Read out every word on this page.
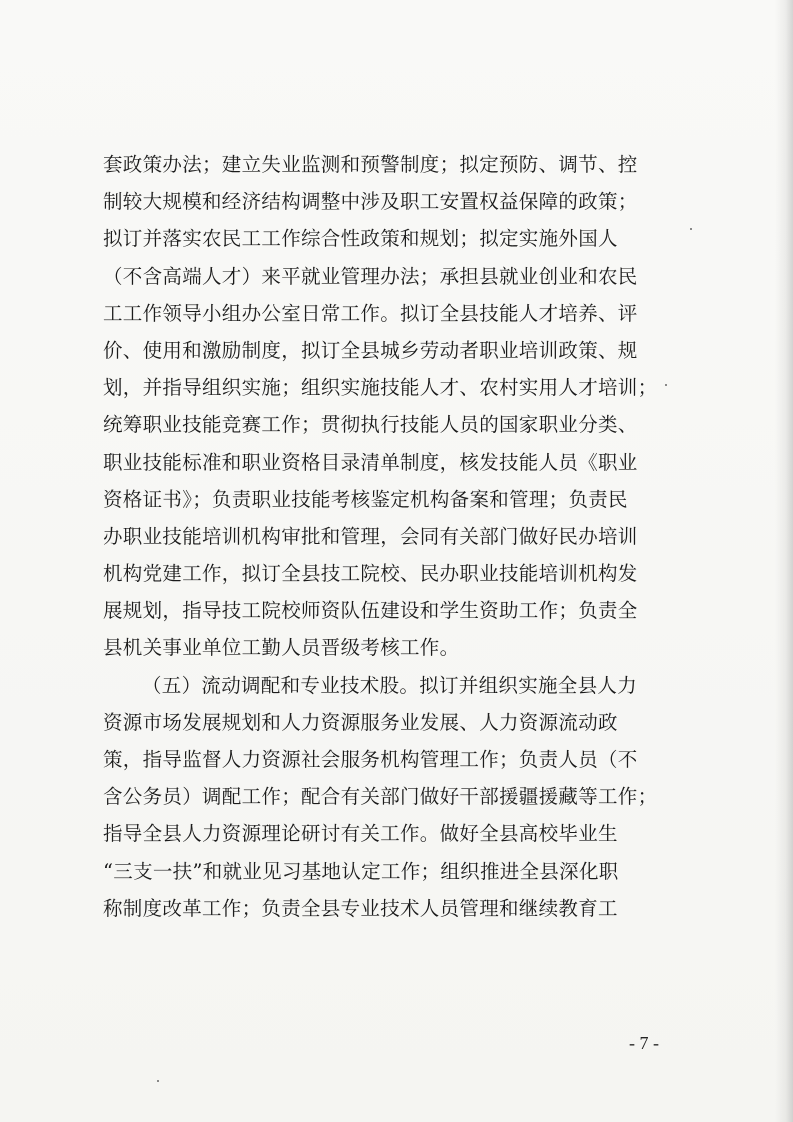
套政策办法；建立失业监测和预警制度；拟定预防、调节、控
制较大规模和经济结构调整中涉及职工安置权益保障的政策；
拟订并落实农民工工作综合性政策和规划；拟定实施外国人
（不含高端人才）来平就业管理办法；承担县就业创业和农民
工工作领导小组办公室日常工作。拟订全县技能人才培养、评
价、使用和激励制度，拟订全县城乡劳动者职业培训政策、规
划，并指导组织实施；组织实施技能人才、农村实用人才培训；
统筹职业技能竞赛工作；贯彻执行技能人员的国家职业分类、
职业技能标准和职业资格目录清单制度，核发技能人员《职业
资格证书》；负责职业技能考核鉴定机构备案和管理；负责民
办职业技能培训机构审批和管理，会同有关部门做好民办培训
机构党建工作，拟订全县技工院校、民办职业技能培训机构发
展规划，指导技工院校师资队伍建设和学生资助工作；负责全
县机关事业单位工勤人员晋级考核工作。
（五）流动调配和专业技术股。拟订并组织实施全县人力
资源市场发展规划和人力资源服务业发展、人力资源流动政
策，指导监督人力资源社会服务机构管理工作；负责人员（不
含公务员）调配工作；配合有关部门做好干部援疆援藏等工作；
指导全县人力资源理论研讨有关工作。做好全县高校毕业生
“三支一扶”和就业见习基地认定工作；组织推进全县深化职
称制度改革工作；负责全县专业技术人员管理和继续教育工
- 7 -
